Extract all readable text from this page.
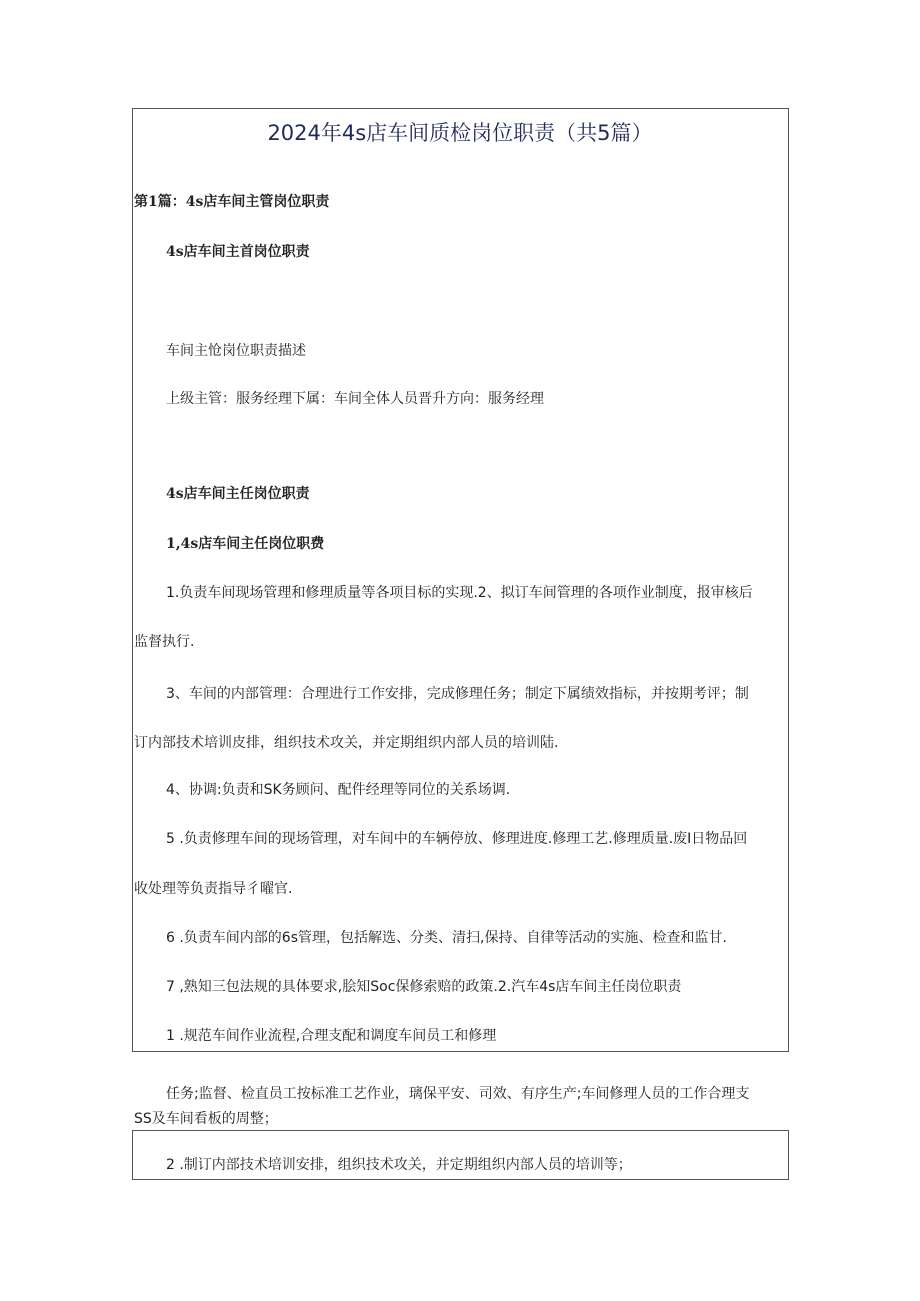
2024年4s店车间质检岗位职责（共5篇）
第1篇：4s店车间主管岗位职责
4s店车间主首岗位职责
车间主怆岗位职责描述
上级主管：服务经理下属：车间全体人员晋升方向：服务经理
4s店车间主任岗位职责
1,4s店车间主任岗位职费
1.负责车间现场管理和修理质量等各项目标的实现.2、拟订车间管理的各项作业制度，报审核后
监督执行.
3、车间的内部管理：合理进行工作安排，完成修理任务；制定下属绩效指标，并按期考评；制
订内部技术培训皮排，组织技术攻关，并定期组织内部人员的培训陆.
4、协调:负责和SK务顾问、配件经理等同位的关系场调.
5 .负责修理车间的现场管理，对车间中的车辆停放、修理进度.修理工艺.修理质量.废I日物品回
收处理等负责指导彳曜官.
6 .负责车间内部的6s管理，包括解选、分类、清扫,保持、自律等活动的实施、检查和监甘.
7 ,熟知三包法规的具体要求,脍知Soc保修索赔的政策.2.汽车4s店车间主任岗位职责
1 .规范车间作业流程,合理支配和调度车间员工和修理
任务;监督、检直员工按标准工艺作业，璃保平安、司效、有序生产;车间修理人员的工作合理支
SS及车间看板的周整；
2 .制订内部技术培训安排，组织技术攻关，并定期组织内部人员的培训等；
